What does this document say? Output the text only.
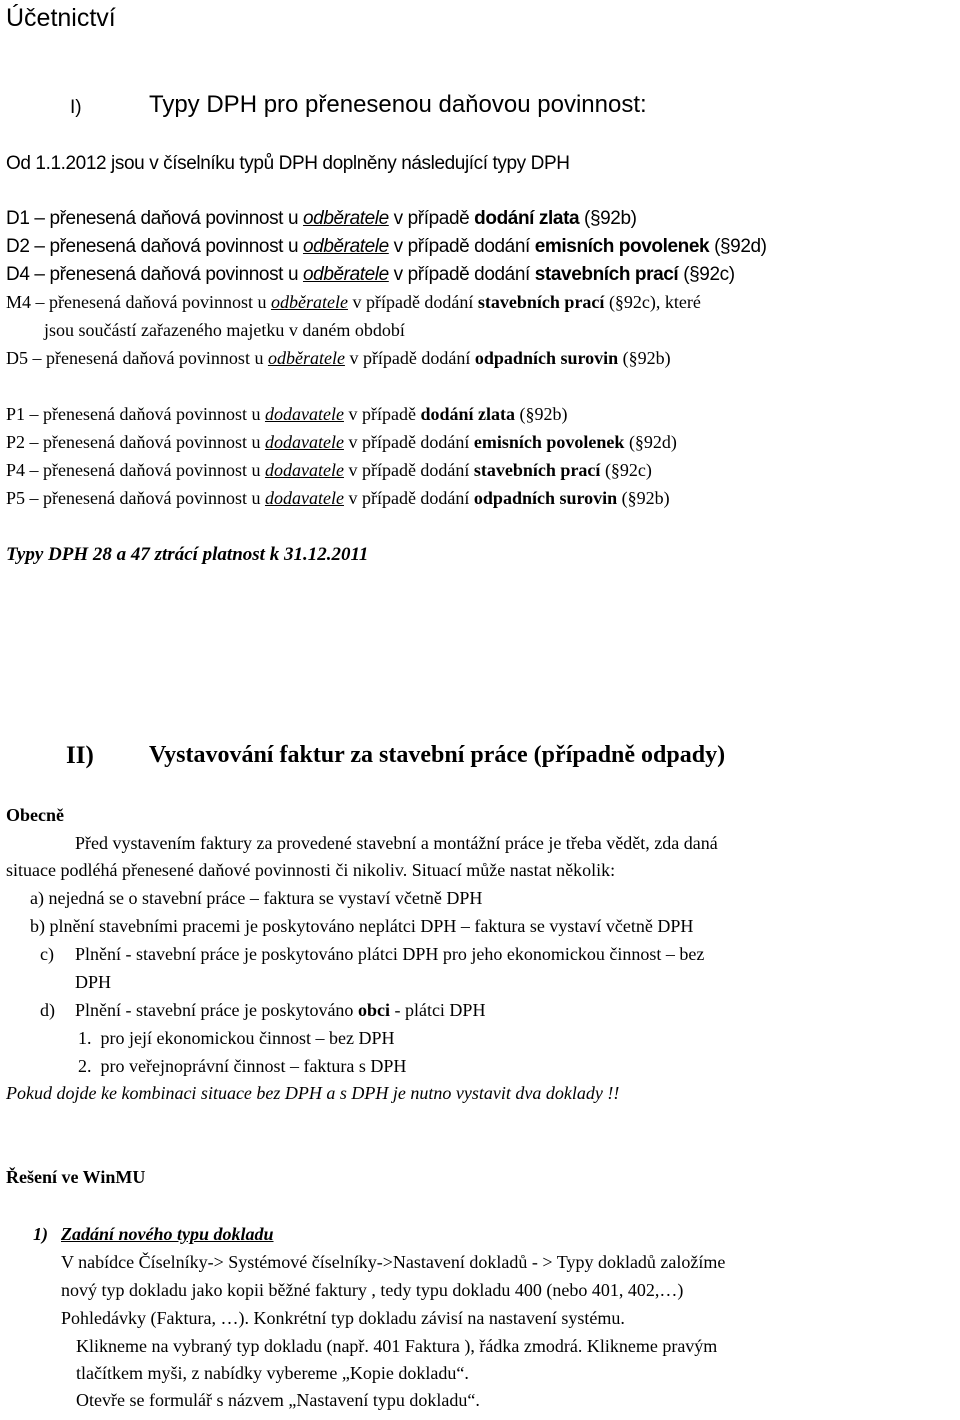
Účetnictví
I)	Typy DPH pro přenesenou daňovou povinnost:
Od 1.1.2012 jsou v číselníku typů DPH doplněny následující typy DPH
D1 – přenesená daňová povinnost u odběratele v případě dodání zlata (§92b)
D2 – přenesená daňová povinnost u odběratele v případě dodání emisních povolenek (§92d)
D4 – přenesená daňová povinnost u odběratele v případě dodání stavebních prací (§92c)
M4 – přenesená daňová povinnost u odběratele v případě dodání stavebních prací (§92c), které
jsou součástí zařazeného majetku v daném období
D5 – přenesená daňová povinnost u odběratele v případě dodání odpadních surovin (§92b)
P1 – přenesená daňová povinnost u dodavatele v případě dodání zlata (§92b)
P2 – přenesená daňová povinnost u dodavatele v případě dodání emisních povolenek (§92d)
P4 – přenesená daňová povinnost u dodavatele v případě dodání stavebních prací (§92c)
P5 – přenesená daňová povinnost u dodavatele v případě dodání odpadních surovin (§92b)
Typy DPH 28 a 47 ztrácí platnost k 31.12.2011
II) Vystavování faktur za stavební práce (případně odpady)
Obecně
Před vystavením faktury za provedené stavební a montážní práce je třeba vědět, zda daná
situace podléhá přenesené daňové povinnosti či nikoliv. Situací může nastat několik:
a) nejedná se o stavební práce – faktura se vystaví včetně DPH
b) plnění stavebními pracemi je poskytováno neplátci DPH – faktura se vystaví včetně DPH
c) Plnění - stavební práce je poskytováno plátci DPH pro jeho ekonomickou činnost – bez
DPH
d) Plnění - stavební práce je poskytováno obci - plátci DPH
1. pro její ekonomickou činnost – bez DPH
2. pro veřejnoprávní činnost – faktura s DPH
Pokud dojde ke kombinaci situace bez DPH a s DPH je nutno vystavit dva doklady !!
Řešení ve WinMU
1) Zadání nového typu dokladu
V nabídce Číselníky-> Systémové číselníky->Nastavení dokladů - > Typy dokladů založíme
nový typ dokladu jako kopii běžné faktury , tedy typu dokladu 400 (nebo 401, 402,…)
Pohledávky (Faktura, …). Konkrétní typ dokladu závisí na nastavení systému.
Klikneme na vybraný typ dokladu (např. 401 Faktura ), řádka zmodrá. Klikneme pravým
tlačítkem myši, z nabídky vybereme „Kopie dokladu“.
Otevře se formulář s názvem „Nastavení typu dokladu“.
